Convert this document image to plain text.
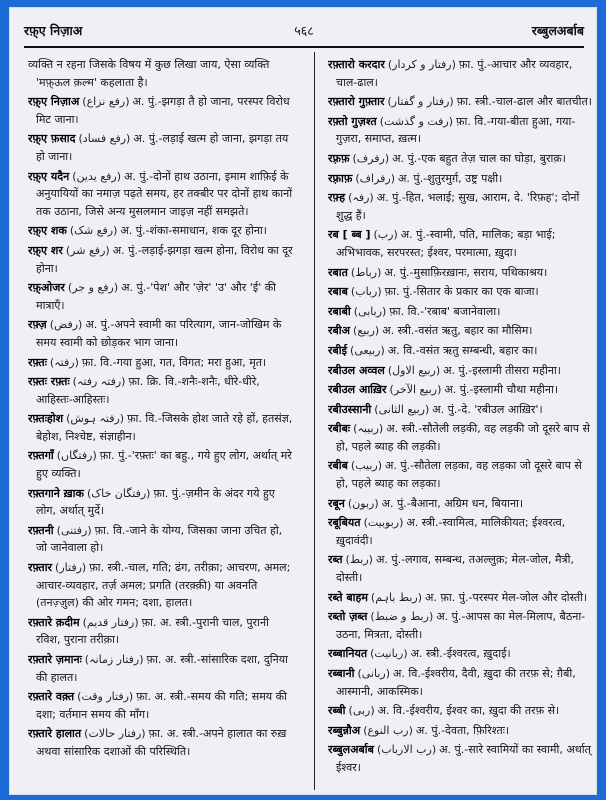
रफ़्ए निज़ाअ	५६८	रब्बुलअर्बाब

व्यक्ति न रहना जिसके विषय में कुछ लिखा जाय, ऐसा व्यक्ति 'मफ़्ऊल क़ल्म' कहलाता है।

रफ़्ए निज़ाअ (رفع نزاع) अ. पुं.-झगड़ा तै हो जाना, परस्पर विरोध मिट जाना।

रफ़्ए फ़साद (رفع فساد) अ. पुं.-लड़ाई खत्म हो जाना, झगड़ा तय हो जाना।

रफ़्ए यदैन (رفع یدین) अ. पुं.-दोनों हाथ उठाना, इमाम शाफ़िई के अनुयायियों का नमाज़ पढ़ते समय, हर तक्बीर पर दोनों हाथ कानों तक उठाना, जिसे अन्य मुसलमान जाइज़ नहीं समझते।

रफ़्ए शक (رفع شک) अ. पुं.-शंका-समाधान, शक दूर होना।

रफ़्ए शर (رفع شر) अ. पुं.-लड़ाई-झगड़ा खत्म होना, विरोध का दूर होना।

रफ़्ओजर (رفع و جر) अ. पुं.-'पेश' और 'ज़ेर' 'उ' और 'ई' की मात्राएँ।

रफ़्ज़ (رفض) अ. पुं.-अपने स्वामी का परित्याग, जान-जोखिम के समय स्वामी को छोड़कर भाग जाना।

रफ़्तः (رفتہ) फ़ा. वि.-गया हुआ, गत, विगत; मरा हुआ, मृत।

रफ़्तः रफ़्तः (رفتہ رفتہ) फ़ा. क्रि. वि.-शनैः-शनैः, धीरे-धीरे, आहिस्तः-आहिस्तः।

रफ़्तःहोश (رفتہ ہوش) फ़ा. वि.-जिसके होश जाते रहे हों, हतसंज्ञ, बेहोश, निश्चेष्ट, संज्ञाहीन।

रफ़्तगाँ (رفتگاں) फ़ा. पुं.-'रफ़्तः' का बहु., गये हुए लोग, अर्थात् मरे हुए व्यक्ति।

रफ़्तगाने ख़ाक (رفتگان خاک) फ़ा. पुं.-ज़मीन के अंदर गये हुए लोग, अर्थात् मुर्दे।

रफ़्तनी (رفتنی) फ़ा. वि.-जाने के योग्य, जिसका जाना उचित हो, जो जानेवाला हो।

रफ़्तार (رفتار) फ़ा. स्त्री.-चाल, गति; ढंग, तरीक़ा; आचरण, अमल; आचार-व्यवहार, तर्ज़ अमल; प्रगति (तरक़्क़ी) या अवनति (तनज़्ज़ुल) की ओर गमन; दशा, हालत।

रफ़्तारे क़दीम (رفتار قدیم) फ़ा. अ. स्त्री.-पुरानी चाल, पुरानी रविश, पुराना तरीक़ा।

रफ़्तारे ज़मानः (رفتار زمانہ) फ़ा. अ. स्त्री.-सांसारिक दशा, दुनिया की हालत।

रफ़्तारे वक़्त (رفتار وقت) फ़ा. अ. स्त्री.-समय की गति; समय की दशा; वर्तमान समय की माँग।

रफ़्तारे हालात (رفتار حالات) फ़ा. अ. स्त्री.-अपने हालात का रुख़ अथवा सांसारिक दशाओं की परिस्थिति।

रफ़्तारो करदार (رفتار و کردار) फ़ा. पुं.-आचार और व्यवहार, चाल-ढाल।

रफ़्तारो गुफ़्तार (رفتار و گفتار) फ़ा. स्त्री.-चाल-ढाल और बातचीत।

रफ़्तो गुज़श्त (رفت و گذشت) फ़ा. वि.-गया-बीता हुआ, गया-गुज़रा, समाप्त, ख़त्म।

रफ़्रफ़ (رفرف) अ. पुं.-एक बहुत तेज़ चाल का घोड़ा, बुराक़।

रफ़्राफ़ (رفراف) अ. पुं.-शुतुरमुर्ग़, उष्ट्र पक्षी।

रफ़्ह (رفہ) अ. पुं.-हित, भलाई; सुख, आराम, दे. 'रिफ़ह'; दोनों शुद्ध हैं।

रब [ ब्ब ] (رب) अ. पुं.-स्वामी, पति, मालिक; बड़ा भाई; अभिभावक, सरपरस्त; ईश्वर, परमात्मा, ख़ुदा।

रबात (رباط) अ. पुं.-मुसाफ़िरख़ानः, सराय, पथिकाश्रय।

रबाब (رباب) फ़ा. पुं.-सितार के प्रकार का एक बाजा।

रबाबी (ربابی) फ़ा. वि.-'रबाब' बजानेवाला।

रबीअ (ربیع) अ. स्त्री.-वसंत ऋतु, बहार का मौसिम।

रबीई (ربیعی) अ. वि.-वसंत ऋतु सम्बन्धी, बहार का।

रबीउल अव्वल (ربیع الاول) अ. पुं.-इस्लामी तीसरा महीना।

रबीउल आख़िर (ربیع الآخر) अ. पुं.-इस्लामी चौथा महीना।

रबीउस्सानी (ربیع الثانی) अ. पुं.-दे. 'रबीउल आख़िर'।

रबीबः (ربیبہ) अ. स्त्री.-सौतेली लड़की, वह लड़की जो दूसरे बाप से हो, पहले ब्याह की लड़की।

रबीब (ربیب) अ. पुं.-सौतेला लड़का, वह लड़का जो दूसरे बाप से हो, पहले ब्याह का लड़का।

रबून (ربون) अ. पुं.-बैआना, अग्रिम धन, बियाना।

रबूबियत (ربوبیت) अ. स्त्री.-स्वामित्व, मालिकीयत; ईश्वरत्व, ख़ुदावंदी।

रब्त (ربط) अ. पुं.-लगाव, सम्बन्ध, तअल्लुक़; मेल-जोल, मैत्री, दोस्ती।

रब्ते बाहम (ربط باہم) अ. फ़ा. पुं.-परस्पर मेल-जोल और दोस्ती।

रब्तो ज़ब्त (ربط و ضبط) अ. पुं.-आपस का मेल-मिलाप, बैठना-उठना, मित्रता, दोस्ती।

रब्बानियत (ربانیت) अ. स्त्री.-ईश्वरत्व, ख़ुदाई।

रब्बानी (ربانی) अ. वि.-ईश्वरीय, दैवी, ख़ुदा की तरफ़ से; ग़ैबी, आस्मानी, आकस्मिक।

रब्बी (ربی) अ. वि.-ईश्वरीय, ईश्वर का, ख़ुदा की तरफ़ से।

रब्बुन्नौअ (رب النوع) अ. पुं.-देवता, फ़िरिश्तः।

रब्बुलअर्बाब (رب الارباب) अ. पुं.-सारे स्वामियों का स्वामी, अर्थात् ईश्वर।
